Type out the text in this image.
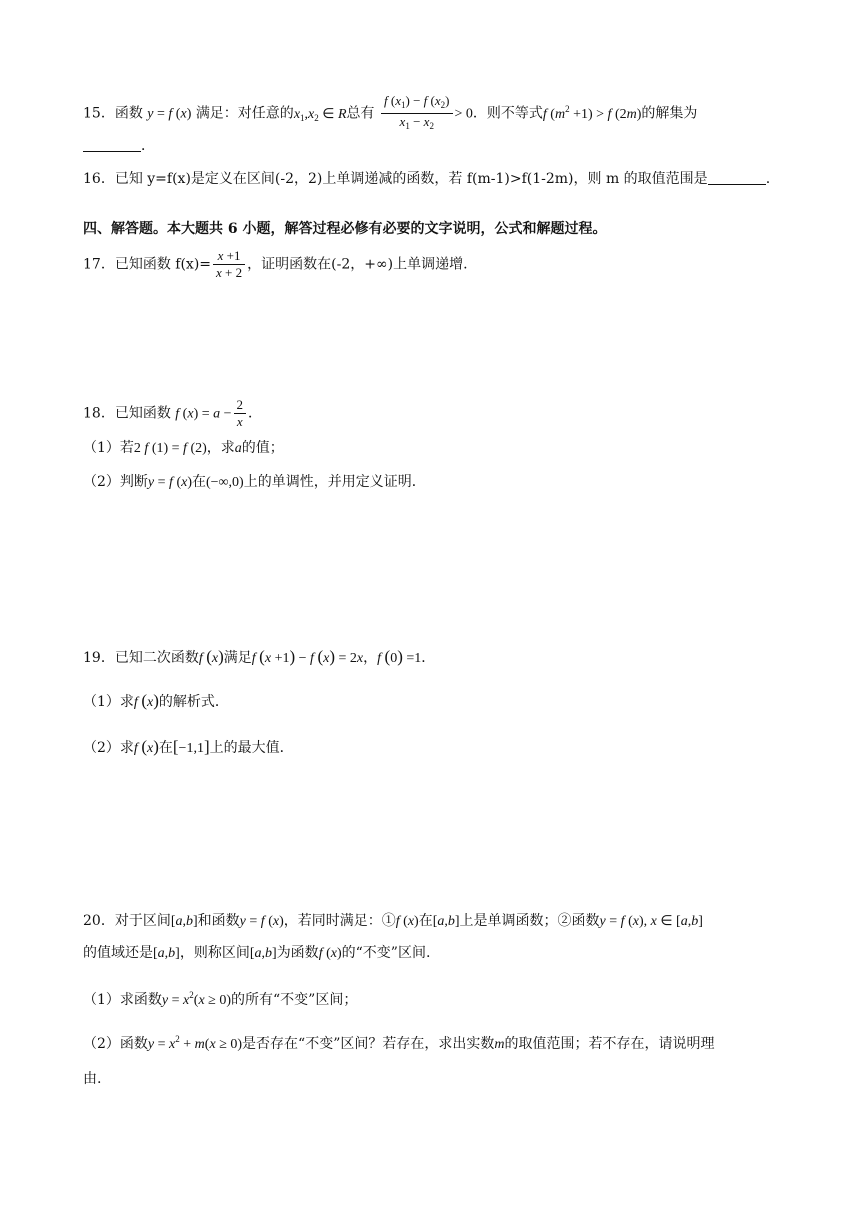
15．函数 y = f (x) 满足：对任意的$x_1,x_2$ ∈ R总有 $\frac{f (x_1) - f (x_2)}{x_1 - x_2} > 0$．则不等式f $(m^2 +1) > f$ (2m)的解集为
．
16．已知 y=f(x)是定义在区间(-2，2)上单调递减的函数，若 f(m-1)>f(1-2m)，则 m 的取值范围是	.
四、解答题。本大题共 6 小题，解答过程必修有必要的文字说明，公式和解题过程。
17．已知函数 $f(x)= \frac{x +1}{x + 2}$ ，证明函数在(-2，+∞)上单调递增.
18．已知函数 f $(x) = a - \frac{2}{x}$ ．
（1）若2 f (1) = f (2)，求a的值；
（2）判断y = f (x)在(−∞,0)上的单调性，并用定义证明．
19．已知二次函数f (x)满足f (x +1) − f (x) = 2x，f (0) =1．
（1）求f (x)的解析式．
（2）求f (x)在[−1,1]上的最大值．
20．对于区间[a,b]和函数y = f (x)，若同时满足：①f (x)在[a,b]上是单调函数；②函数y = f (x), x ∈ [a,b]
的值域还是[a,b]，则称区间[a,b]为函数f (x)的“不变”区间.
（1）求函数$y = x^2(x \ge 0)$的所有“不变”区间；
（2）函数$y = x^2 + m(x \ge 0)$是否存在“不变”区间？若存在，求出实数m的取值范围；若不存在，请说明理
由.
